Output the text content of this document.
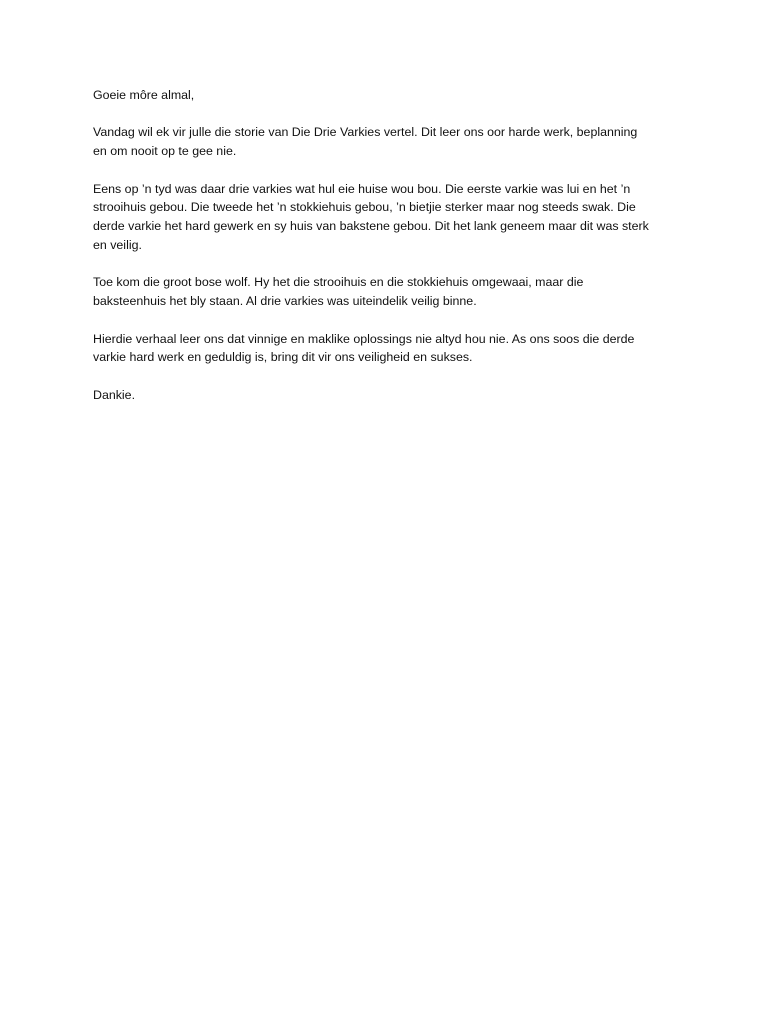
Goeie môre almal,

Vandag wil ek vir julle die storie van Die Drie Varkies vertel. Dit leer ons oor harde werk, beplanning
en om nooit op te gee nie.

Eens op ’n tyd was daar drie varkies wat hul eie huise wou bou. Die eerste varkie was lui en het ’n
strooihuis gebou. Die tweede het ’n stokkiehuis gebou, ’n bietjie sterker maar nog steeds swak. Die
derde varkie het hard gewerk en sy huis van bakstene gebou. Dit het lank geneem maar dit was sterk
en veilig.

Toe kom die groot bose wolf. Hy het die strooihuis en die stokkiehuis omgewaai, maar die
baksteenhuis het bly staan. Al drie varkies was uiteindelik veilig binne.

Hierdie verhaal leer ons dat vinnige en maklike oplossings nie altyd hou nie. As ons soos die derde
varkie hard werk en geduldig is, bring dit vir ons veiligheid en sukses.

Dankie.
